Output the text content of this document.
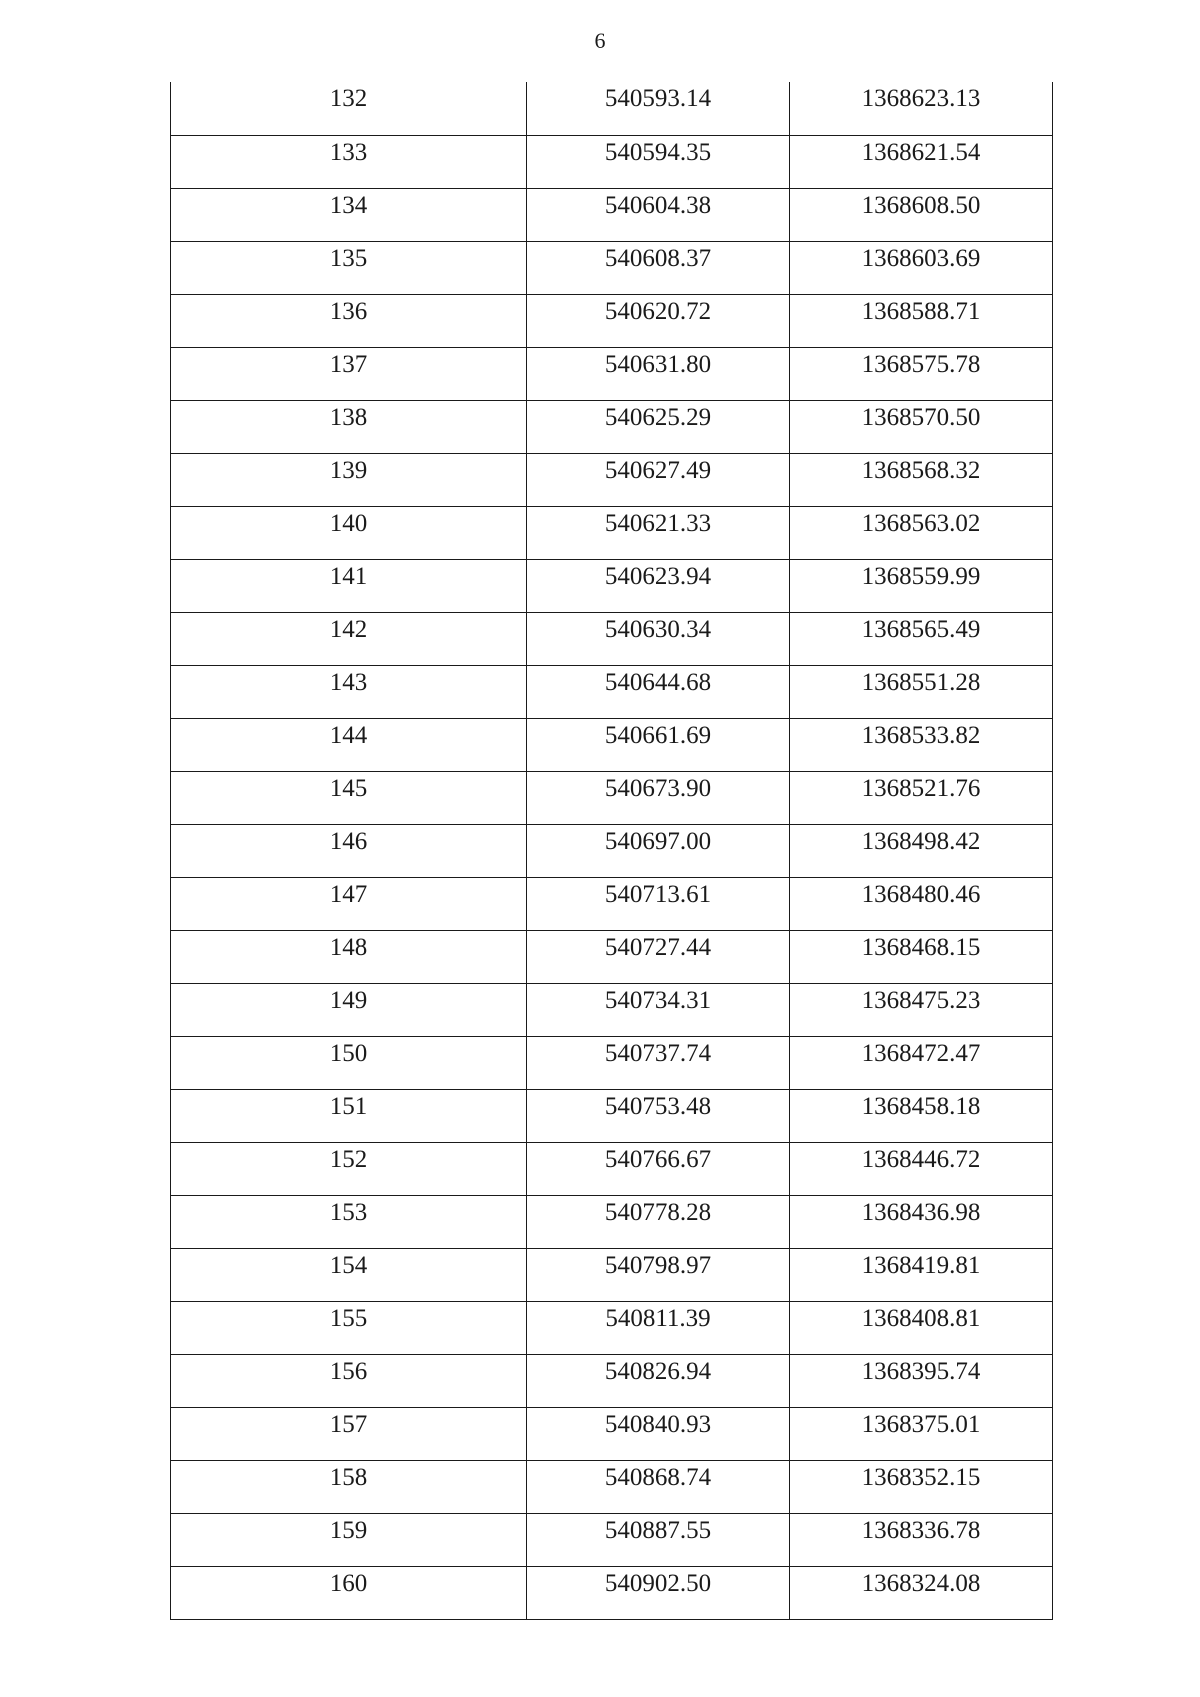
6
132	540593.14	1368623.13
133	540594.35	1368621.54
134	540604.38	1368608.50
135	540608.37	1368603.69
136	540620.72	1368588.71
137	540631.80	1368575.78
138	540625.29	1368570.50
139	540627.49	1368568.32
140	540621.33	1368563.02
141	540623.94	1368559.99
142	540630.34	1368565.49
143	540644.68	1368551.28
144	540661.69	1368533.82
145	540673.90	1368521.76
146	540697.00	1368498.42
147	540713.61	1368480.46
148	540727.44	1368468.15
149	540734.31	1368475.23
150	540737.74	1368472.47
151	540753.48	1368458.18
152	540766.67	1368446.72
153	540778.28	1368436.98
154	540798.97	1368419.81
155	540811.39	1368408.81
156	540826.94	1368395.74
157	540840.93	1368375.01
158	540868.74	1368352.15
159	540887.55	1368336.78
160	540902.50	1368324.08
